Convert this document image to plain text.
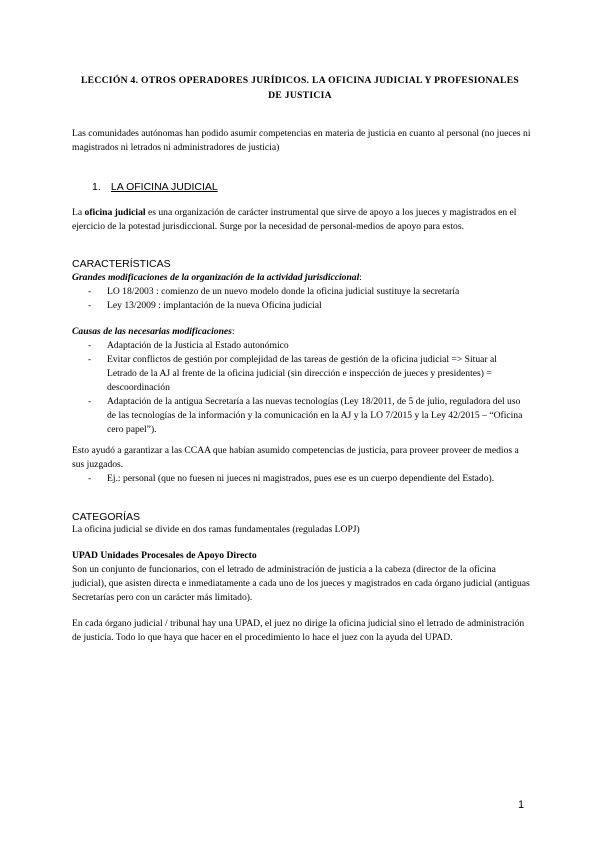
LECCIÓN 4. OTROS OPERADORES JURÍDICOS. LA OFICINA JUDICIAL Y PROFESIONALES
DE JUSTICIA
Las comunidades autónomas han podido asumir competencias en materia de justicia en cuanto al personal (no jueces ni magistrados ni letrados ni administradores de justicia)
1. LA OFICINA JUDICIAL
La oficina judicial es una organización de carácter instrumental que sirve de apoyo a los jueces y magistrados en el ejercicio de la potestad jurisdiccional. Surge por la necesidad de personal-medios de apoyo para estos.
CARACTERÍSTICAS
Grandes modificaciones de la organización de la actividad jurisdiccional:
- LO 18/2003 : comienzo de un nuevo modelo donde la oficina judicial sustituye la secretaría
- Ley 13/2009 : implantación de la nueva Oficina judicial
Causas de las necesarias modificaciones:
- Adaptación de la Justicia al Estado autonómico
- Evitar conflictos de gestión por complejidad de las tareas de gestión de la oficina judicial => Situar al Letrado de la AJ al frente de la oficina judicial (sin dirección e inspección de jueces y presidentes) = descoordinación
- Adaptación de la antigua Secretaría a las nuevas tecnologías (Ley 18/2011, de 5 de julio, reguladora del uso de las tecnologías de la información y la comunicación en la AJ y la LO 7/2015 y la Ley 42/2015 – “Oficina cero papel”).
Esto ayudó a garantizar a las CCAA que habían asumido competencias de justicia, para proveer proveer de medios a sus juzgados.
- Ej.: personal (que no fuesen ni jueces ni magistrados, pues ese es un cuerpo dependiente del Estado).
CATEGORÍAS
La oficina judicial se divide en dos ramas fundamentales (reguladas LOPJ)
UPAD Unidades Procesales de Apoyo Directo
Son un conjunto de funcionarios, con el letrado de administración de justicia a la cabeza (director de la oficina judicial), que asisten directa e inmediatamente a cada uno de los jueces y magistrados en cada órgano judicial (antiguas Secretarías pero con un carácter más limitado).
En cada órgano judicial / tribunal hay una UPAD, el juez no dirige la oficina judicial sino el letrado de administración de justicia. Todo lo que haya que hacer en el procedimiento lo hace el juez con la ayuda del UPAD.
1
